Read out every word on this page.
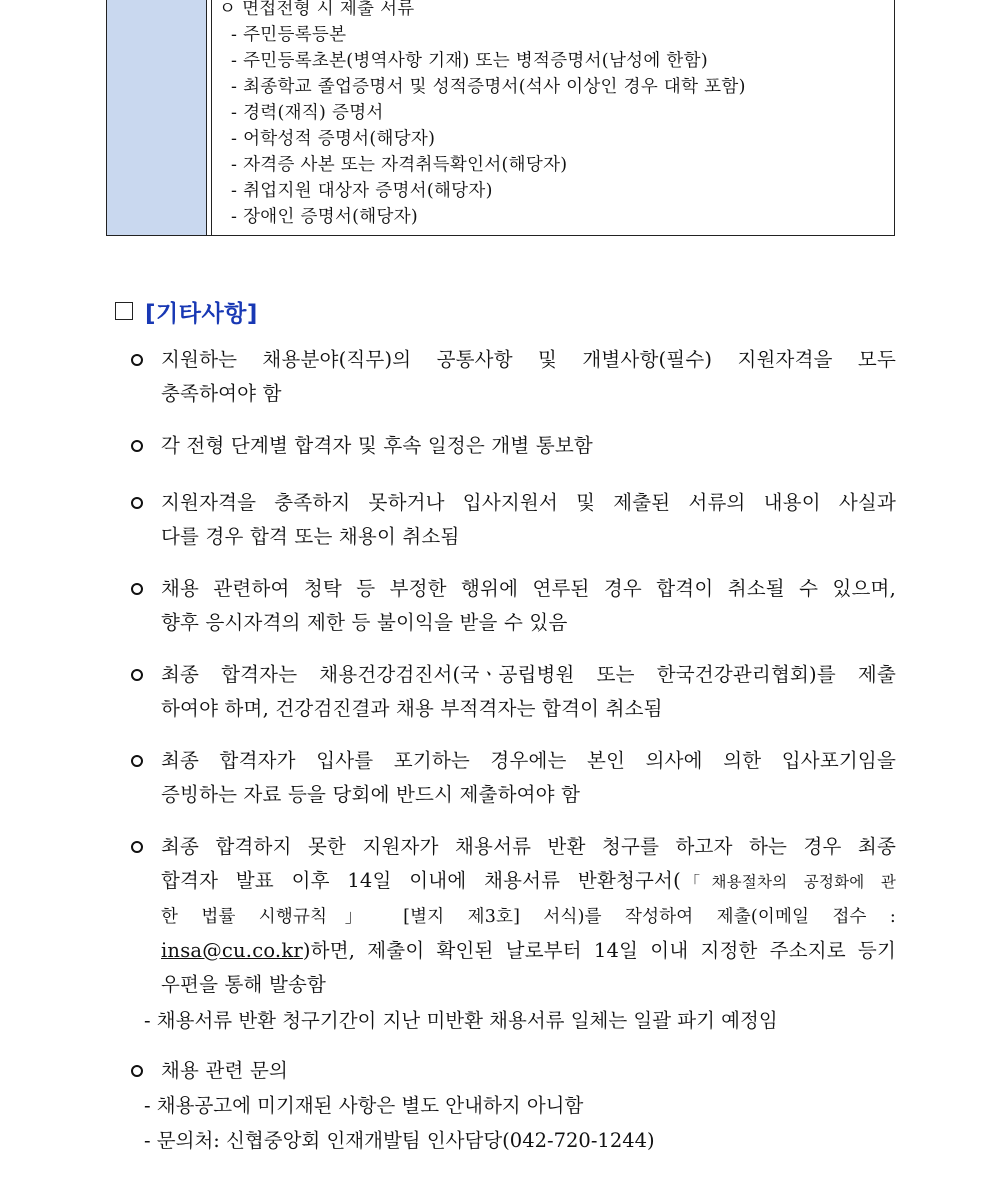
ㅇ 면접전형 시 제출 서류
- 주민등록등본
- 주민등록초본(병역사항 기재) 또는 병적증명서(남성에 한함)
- 최종학교 졸업증명서 및 성적증명서(석사 이상인 경우 대학 포함)
- 경력(재직) 증명서
- 어학성적 증명서(해당자)
- 자격증 사본 또는 자격취득확인서(해당자)
- 취업지원 대상자 증명서(해당자)
- 장애인 증명서(해당자)
[기타사항]
지원하는 채용분야(직무)의 공통사항 및 개별사항(필수) 지원자격을 모두
충족하여야 함
각 전형 단계별 합격자 및 후속 일정은 개별 통보함
지원자격을 충족하지 못하거나 입사지원서 및 제출된 서류의 내용이 사실과
다를 경우 합격 또는 채용이 취소됨
채용 관련하여 청탁 등 부정한 행위에 연루된 경우 합격이 취소될 수 있으며,
향후 응시자격의 제한 등 불이익을 받을 수 있음
최종 합격자는 채용건강검진서(국ㆍ공립병원 또는 한국건강관리협회)를 제출
하여야 하며, 건강검진결과 채용 부적격자는 합격이 취소됨
최종 합격자가 입사를 포기하는 경우에는 본인 의사에 의한 입사포기임을
증빙하는 자료 등을 당회에 반드시 제출하여야 함
최종 합격하지 못한 지원자가 채용서류 반환 청구를 하고자 하는 경우 최종
합격자 발표 이후 14일 이내에 채용서류 반환청구서(「채용절차의 공정화에 관
한 법률 시행규칙」 [별지 제3호] 서식)를 작성하여 제출(이메일 접수 :
insa@cu.co.kr)하면, 제출이 확인된 날로부터 14일 이내 지정한 주소지로 등기
우편을 통해 발송함
- 채용서류 반환 청구기간이 지난 미반환 채용서류 일체는 일괄 파기 예정임
채용 관련 문의
- 채용공고에 미기재된 사항은 별도 안내하지 아니함
- 문의처: 신협중앙회 인재개발팀 인사담당(042-720-1244)
